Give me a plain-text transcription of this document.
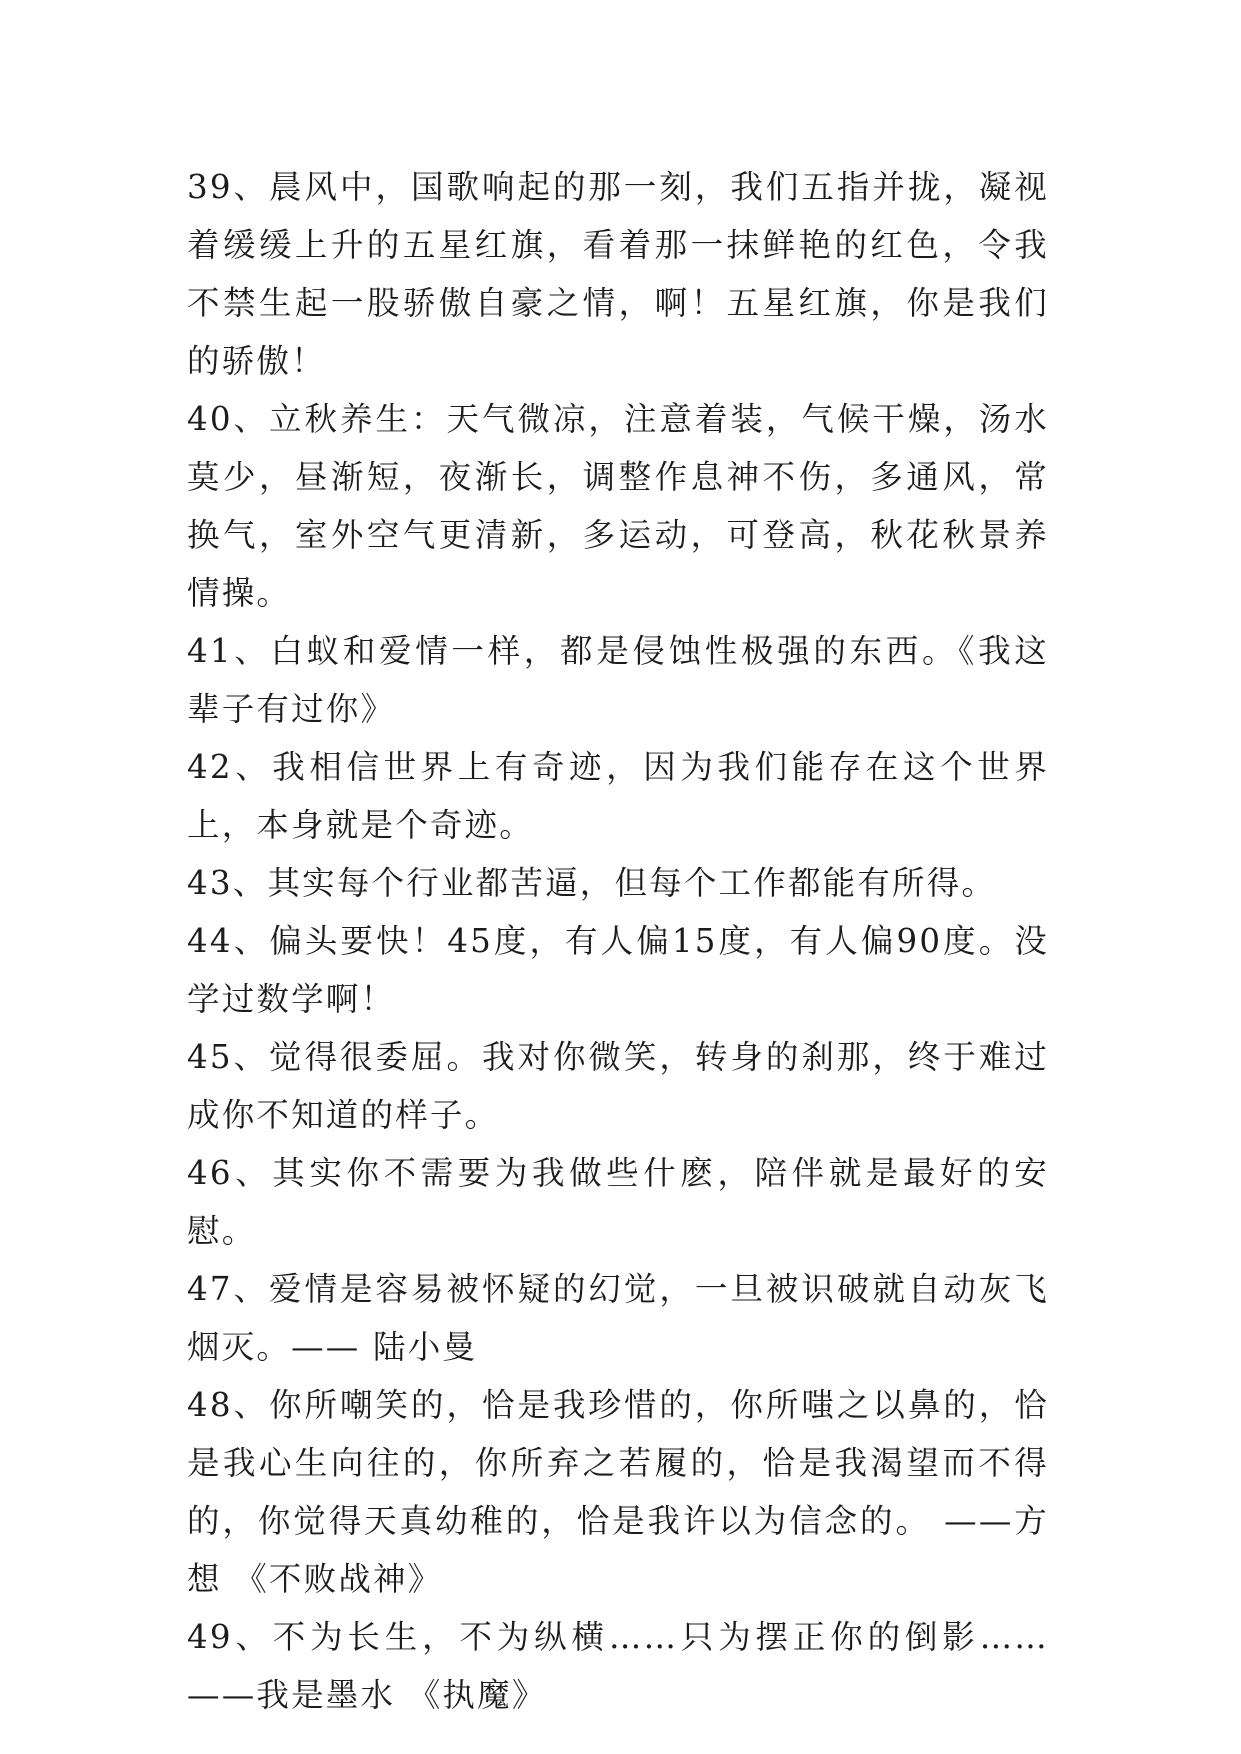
39、晨风中，国歌响起的那一刻，我们五指并拢，凝视着缓缓上升的五星红旗，看着那一抹鲜艳的红色，令我不禁生起一股骄傲自豪之情，啊！五星红旗，你是我们的骄傲！

40、立秋养生：天气微凉，注意着装，气候干燥，汤水莫少，昼渐短，夜渐长，调整作息神不伤，多通风，常换气，室外空气更清新，多运动，可登高，秋花秋景养情操。

41、白蚁和爱情一样，都是侵蚀性极强的东西。《我这辈子有过你》

42、我相信世界上有奇迹，因为我们能存在这个世界上，本身就是个奇迹。

43、其实每个行业都苦逼，但每个工作都能有所得。

44、偏头要快！45度，有人偏15度，有人偏90度。没学过数学啊！

45、觉得很委屈。我对你微笑，转身的刹那，终于难过成你不知道的样子。

46、其实你不需要为我做些什麽，陪伴就是最好的安慰。

47、爱情是容易被怀疑的幻觉，一旦被识破就自动灰飞烟灭。—— 陆小曼

48、你所嘲笑的，恰是我珍惜的，你所嗤之以鼻的，恰是我心生向往的，你所弃之若履的，恰是我渴望而不得的，你觉得天真幼稚的，恰是我许以为信念的。 ——方想 《不败战神》

49、不为长生，不为纵横……只为摆正你的倒影…… ——我是墨水 《执魔》
